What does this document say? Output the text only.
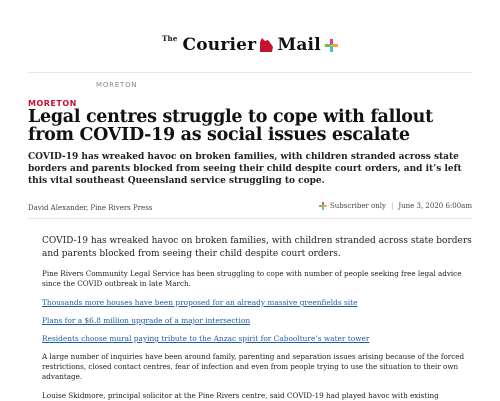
The Courier Mail
MORETON
MORETON
Legal centres struggle to cope with fallout from COVID-19 as social issues escalate

COVID-19 has wreaked havoc on broken families, with children stranded across state borders and parents blocked from seeing their child despite court orders, and it’s left this vital southeast Queensland service struggling to cope.

David Alexander, Pine Rivers Press	Subscriber only | June 3, 2020 6:00am

COVID-19 has wreaked havoc on broken families, with children stranded across state borders and parents blocked from seeing their child despite court orders.

Pine Rivers Community Legal Service has been struggling to cope with number of people seeking free legal advice since the COVID outbreak in late March.

Thousands more houses have been proposed for an already massive greenfields site
Plans for a $6.8 million upgrade of a major intersection
Residents choose mural paying tribute to the Anzac spirit for Caboolture’s water tower

A large number of inquiries have been around family, parenting and separation issues arising because of the forced restrictions, closed contact centres, fear of infection and even from people trying to use the situation to their own advantage.

Louise Skidmore, principal solicitor at the Pine Rivers centre, said COVID-19 had played havoc with existing
